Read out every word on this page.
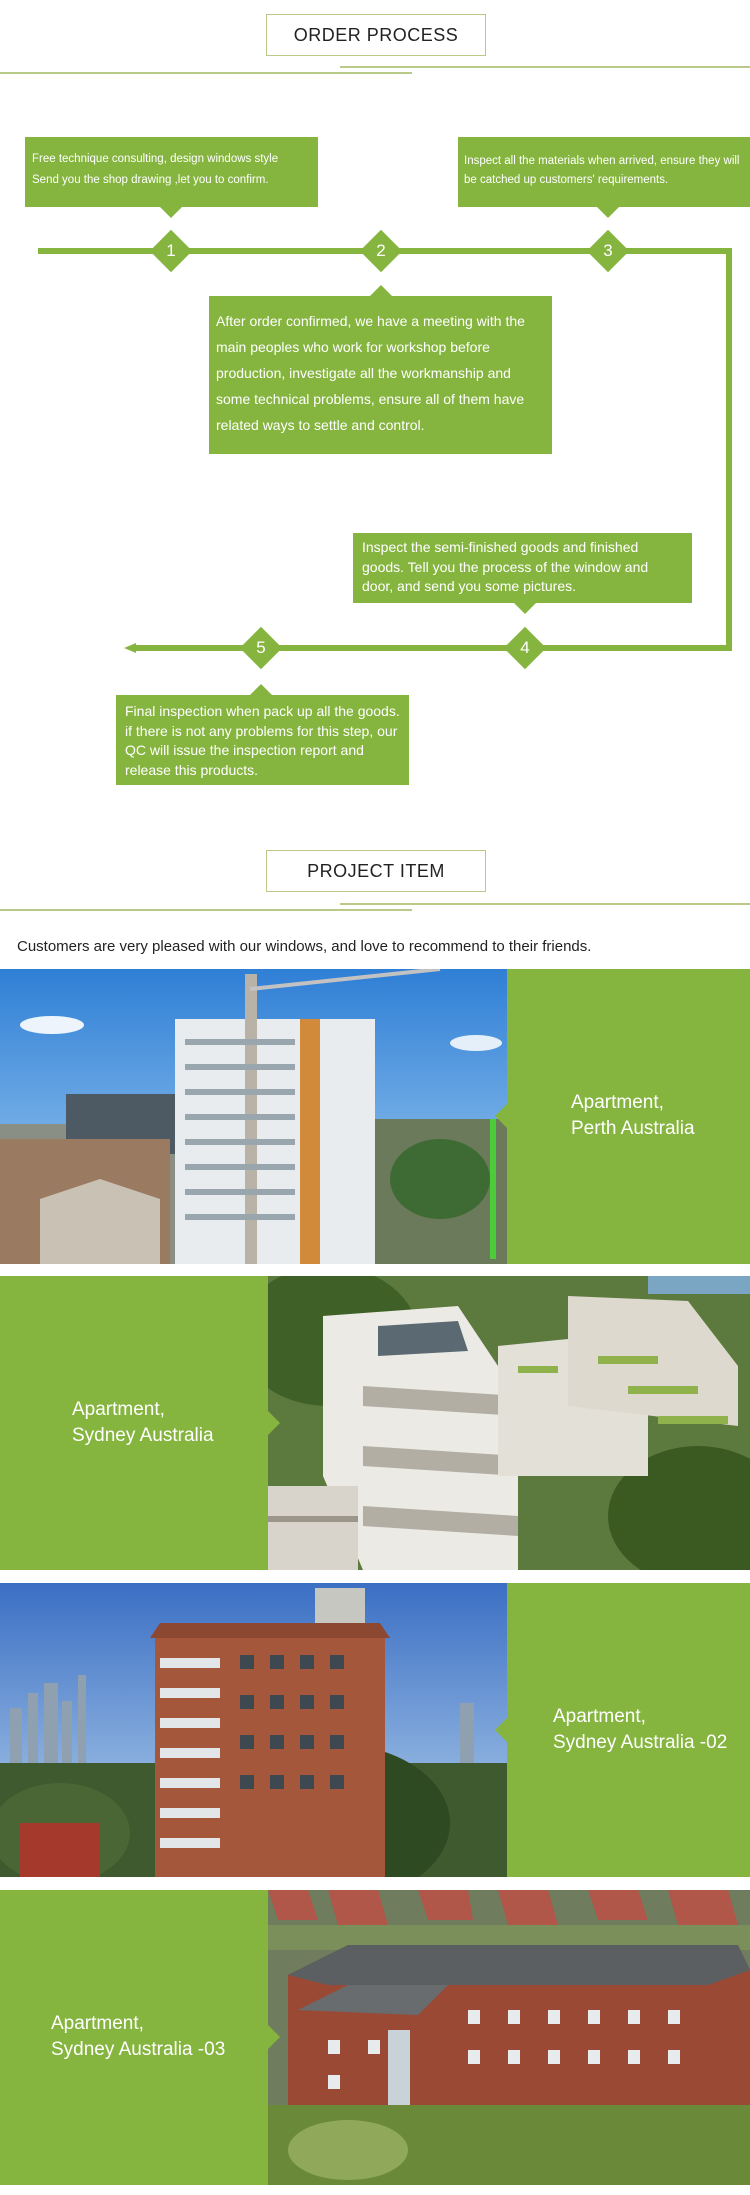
ORDER PROCESS
1	2	3
4
5

Free technique consulting, design windows style

Send you the shop drawing ,let you to confirm.

Inspect all the materials when arrived, ensure they will be catched up customers' requirements.

After order confirmed, we have a meeting with the main peoples who work for workshop before production, investigate all the workmanship and some technical problems, ensure all of them have related ways to settle and control.

Inspect the semi-finished goods and finished goods. Tell you the process of the window and door, and send you some pictures.

Final inspection when pack up all the goods. if there is not any problems for this step, our QC will issue the inspection report and release this products.

PROJECT ITEM

Customers are very pleased with our windows, and love to recommend to their friends.

Apartment,
Perth Australia
Apartment,
Sydney Australia
Apartment,
Sydney Australia -02
Apartment,
Sydney Australia -03
